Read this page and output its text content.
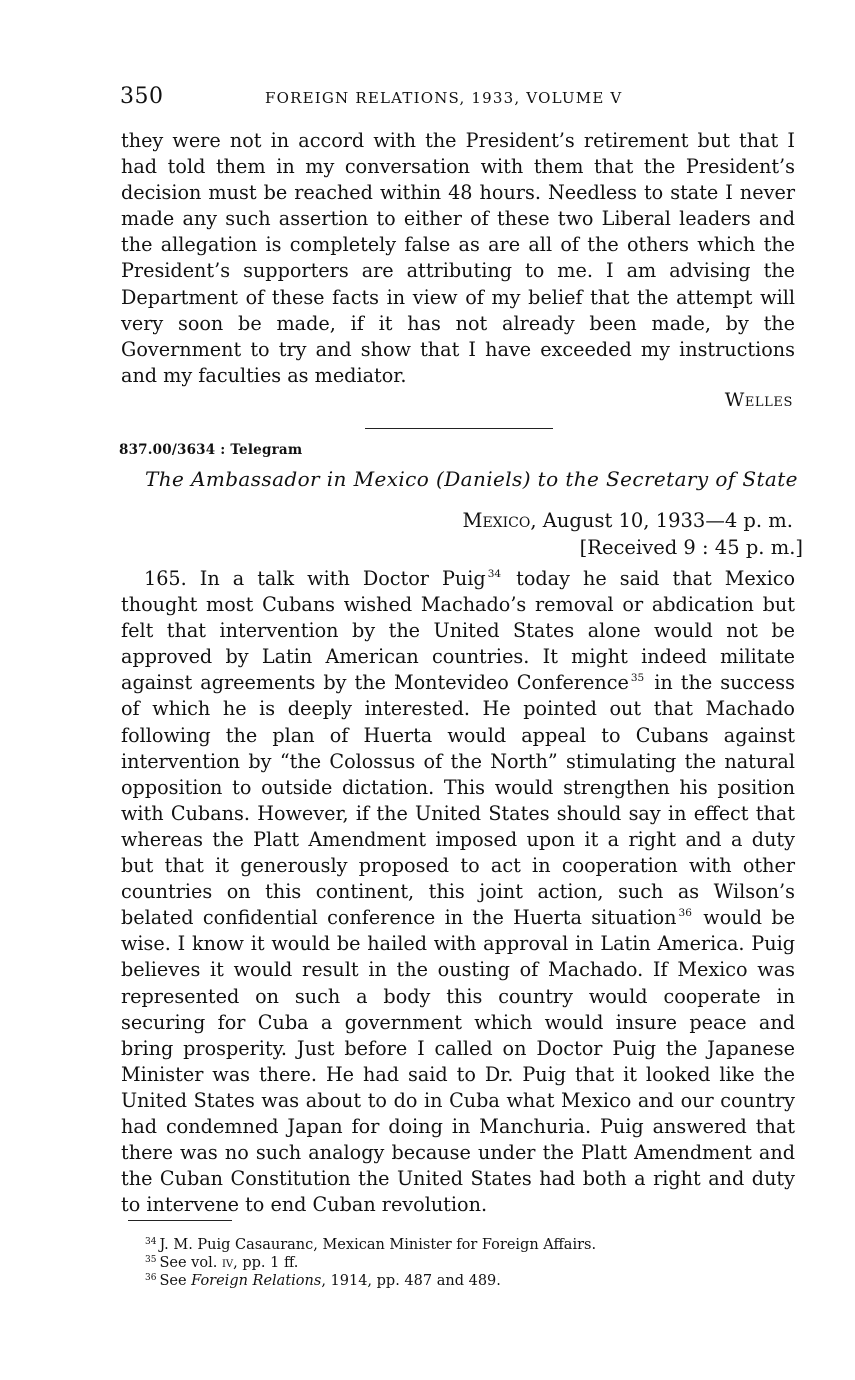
350	FOREIGN RELATIONS, 1933, VOLUME V

they were not in accord with the President’s retirement but that I had told them in my conversation with them that the President’s decision must be reached within 48 hours. Needless to state I never made any such assertion to either of these two Liberal leaders and the allegation is completely false as are all of the others which the President’s supporters are attributing to me. I am advising the Department of these facts in view of my belief that the attempt will very soon be made, if it has not already been made, by the Government to try and show that I have exceeded my instructions and my faculties as mediator.

Welles
837.00/3634 : Telegram
The Ambassador in Mexico (Daniels) to the Secretary of State
Mexico, August 10, 1933—4 p. m.
[Received 9 : 45 p. m.]

165. In a talk with Doctor Puig $^{34}$ today he said that Mexico thought most Cubans wished Machado’s removal or abdication but felt that intervention by the United States alone would not be approved by Latin American countries. It might indeed militate against agreements by the Montevideo Conference $^{35}$ in the success of which he is deeply interested. He pointed out that Machado following the plan of Huerta would appeal to Cubans against intervention by “the Colossus of the North” stimulating the natural opposition to outside dictation. This would strengthen his position with Cubans. However, if the United States should say in effect that whereas the Platt Amendment imposed upon it a right and a duty but that it generously proposed to act in cooperation with other countries on this continent, this joint action, such as Wilson’s belated confidential conference in the Huerta situation $^{36}$ would be wise. I know it would be hailed with approval in Latin America. Puig believes it would result in the ousting of Machado. If Mexico was represented on such a body this country would cooperate in securing for Cuba a government which would insure peace and bring prosperity. Just before I called on Doctor Puig the Japanese Minister was there. He had said to Dr. Puig that it looked like the United States was about to do in Cuba what Mexico and our country had condemned Japan for doing in Manchuria. Puig answered that there was no such analogy because under the Platt Amendment and the Cuban Constitution the United States had both a right and duty to intervene to end Cuban revolution.

$^{34}$ J. M. Puig Casauranc, Mexican Minister for Foreign Affairs.
$^{35}$ See vol. iv, pp. 1 ff.
$^{36}$ See Foreign Relations, 1914, pp. 487 and 489.
